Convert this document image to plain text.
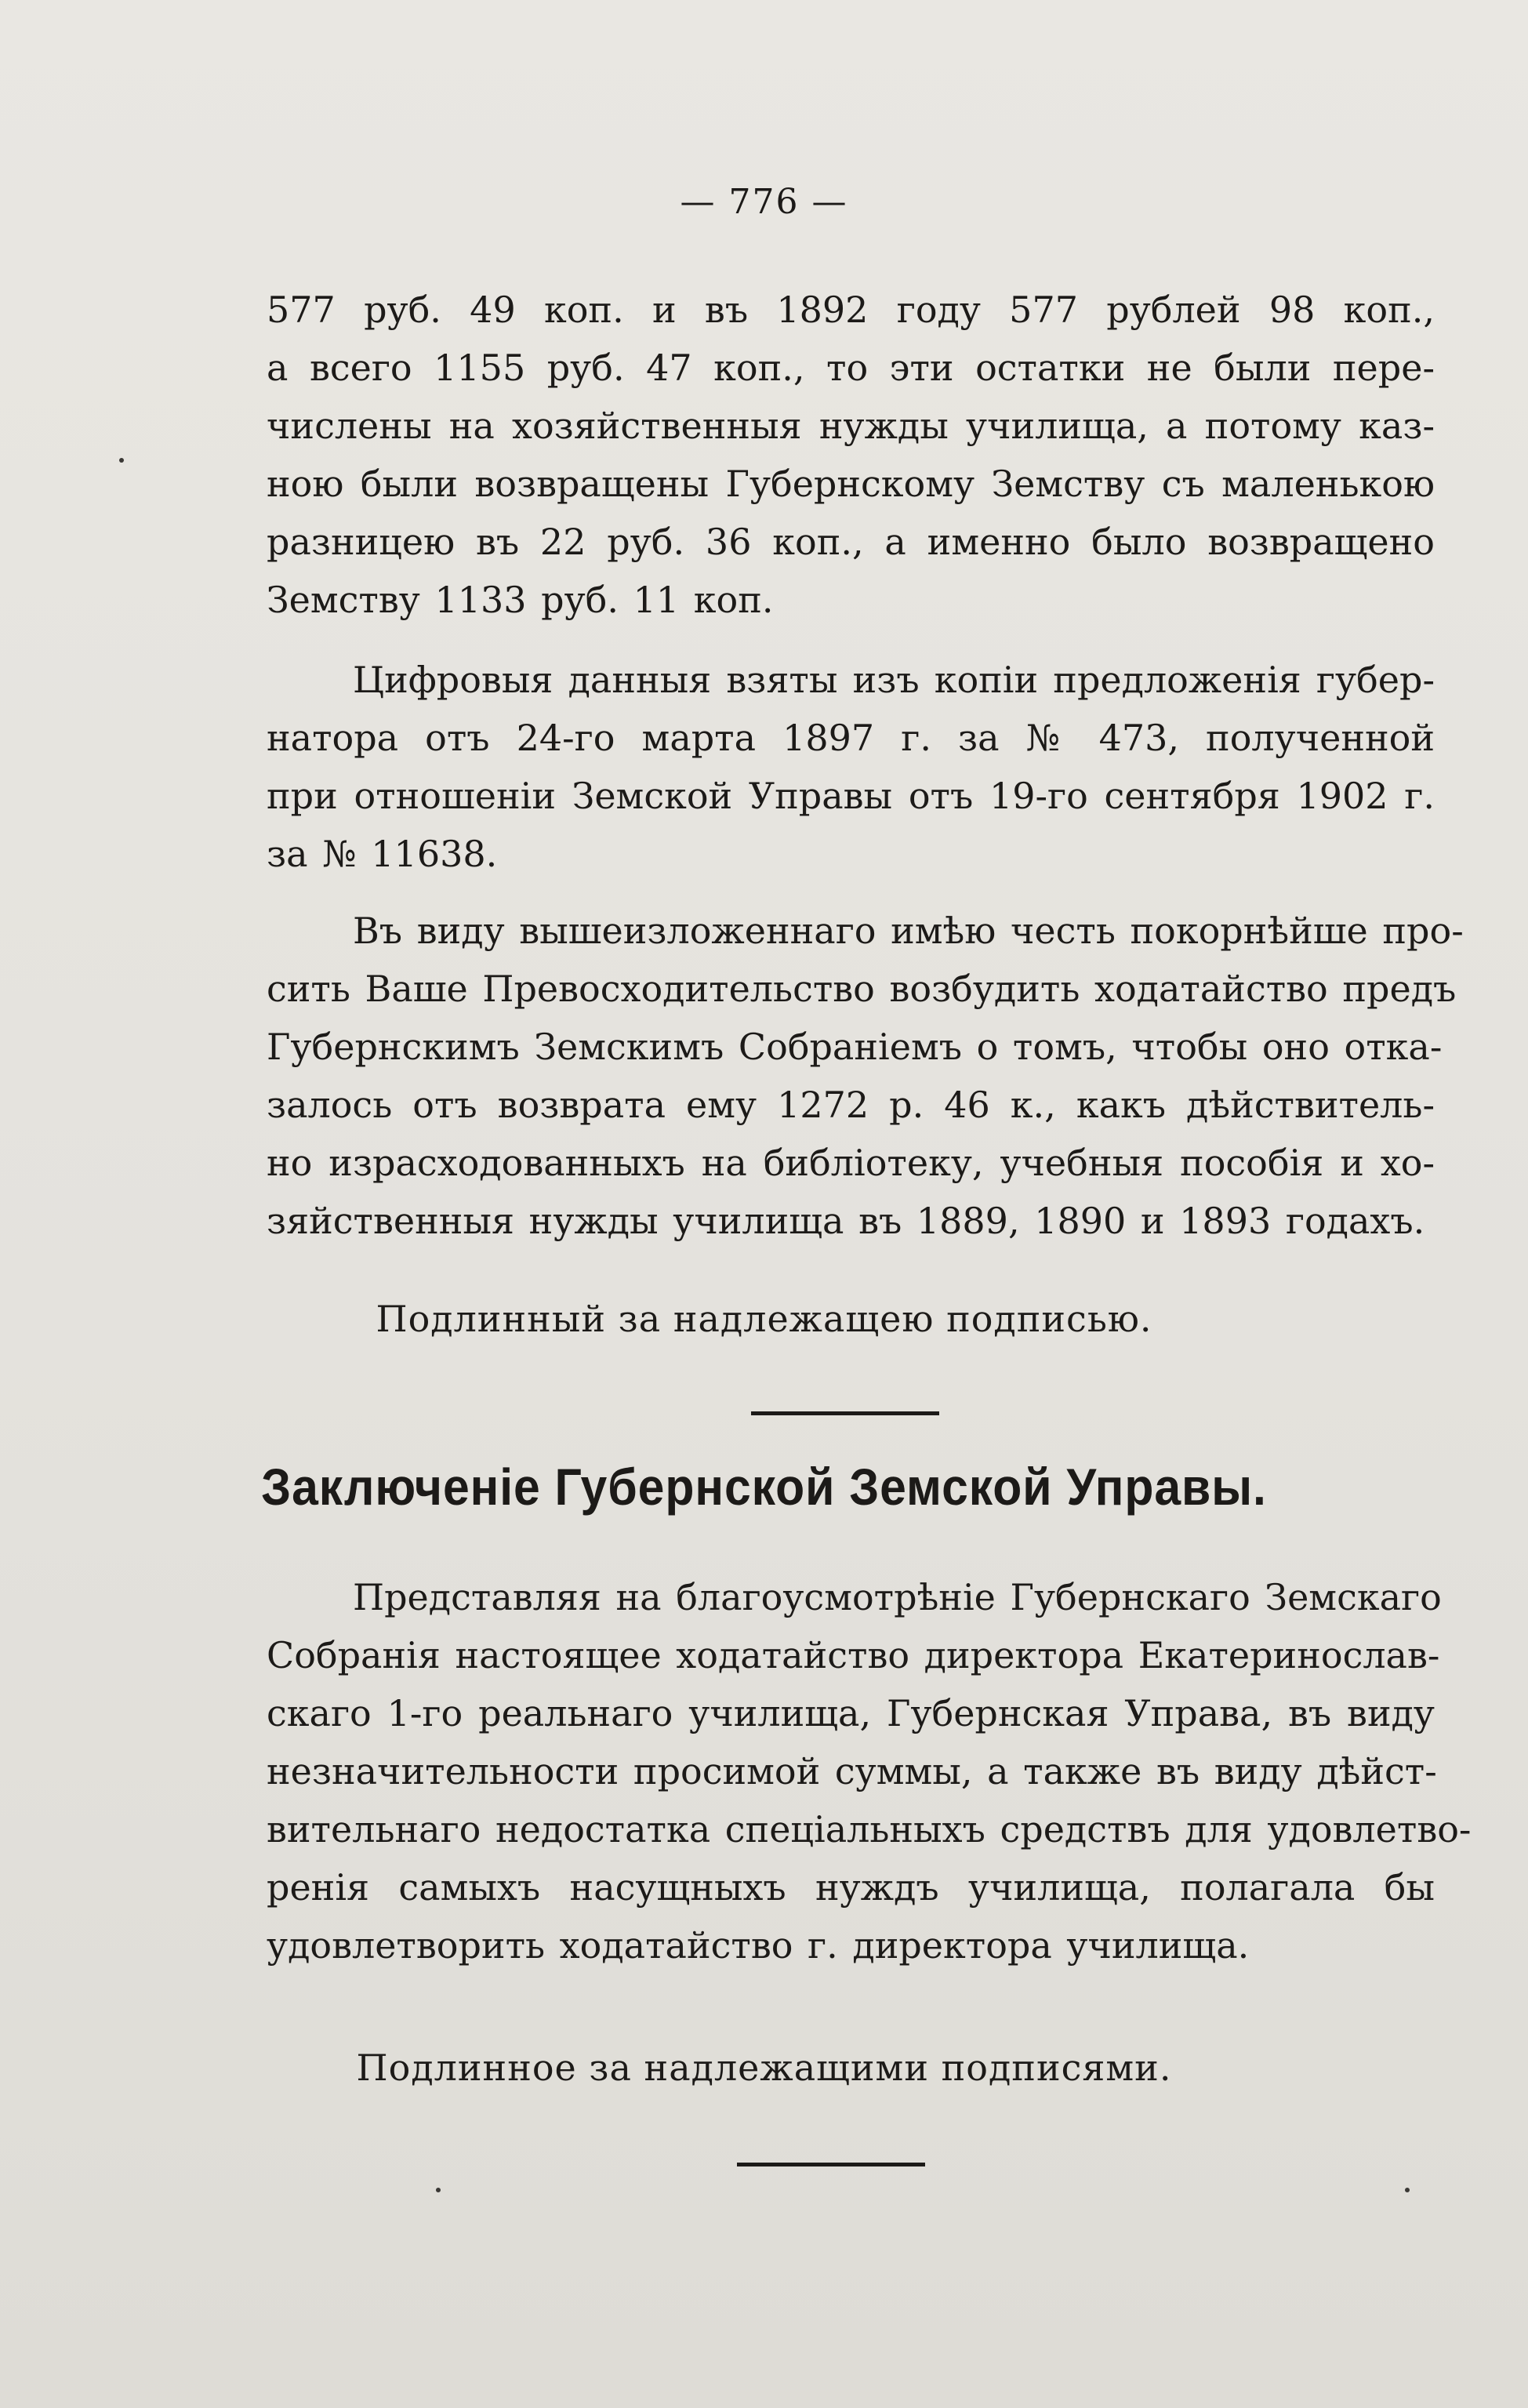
— 776 —

577 руб. 49 коп. и въ 1892 году 577 рублей 98 коп.,
а всего 1155 руб. 47 коп., то эти остатки не были пере-
числены на хозяйственныя нужды училища, а потому каз-
ною были возвращены Губернскому Земству съ маленькою
разницею въ 22 руб. 36 коп., а именно было возвращено
Земству 1133 руб. 11 коп.

Цифровыя данныя взяты изъ копіи предложенія губер-
натора отъ 24-го марта 1897 г. за № 473, полученной
при отношеніи Земской Управы отъ 19-го сентября 1902 г.
за № 11638.

Въ виду вышеизложеннаго имѣю честь покорнѣйше про-
сить Ваше Превосходительство возбудить ходатайство предъ
Губернскимъ Земскимъ Собраніемъ о томъ, чтобы оно отка-
залось отъ возврата ему 1272 р. 46 к., какъ дѣйствитель-
но израсходованныхъ на библіотеку, учебныя пособія и хо-
зяйственныя нужды училища въ 1889, 1890 и 1893 годахъ.

Подлинный за надлежащею подписью.
Заключеніе Губернской Земской Управы.

Представляя на благоусмотрѣніе Губернскаго Земскаго
Собранія настоящее ходатайство директора Екатеринослав-
скаго 1-го реальнаго училища, Губернская Управа, въ виду
незначительности просимой суммы, а также въ виду дѣйст-
вительнаго недостатка спеціальныхъ средствъ для удовлетво-
ренія самыхъ насущныхъ нуждъ училища, полагала бы
удовлетворить ходатайство г. директора училища.

Подлинное за надлежащими подписями.
